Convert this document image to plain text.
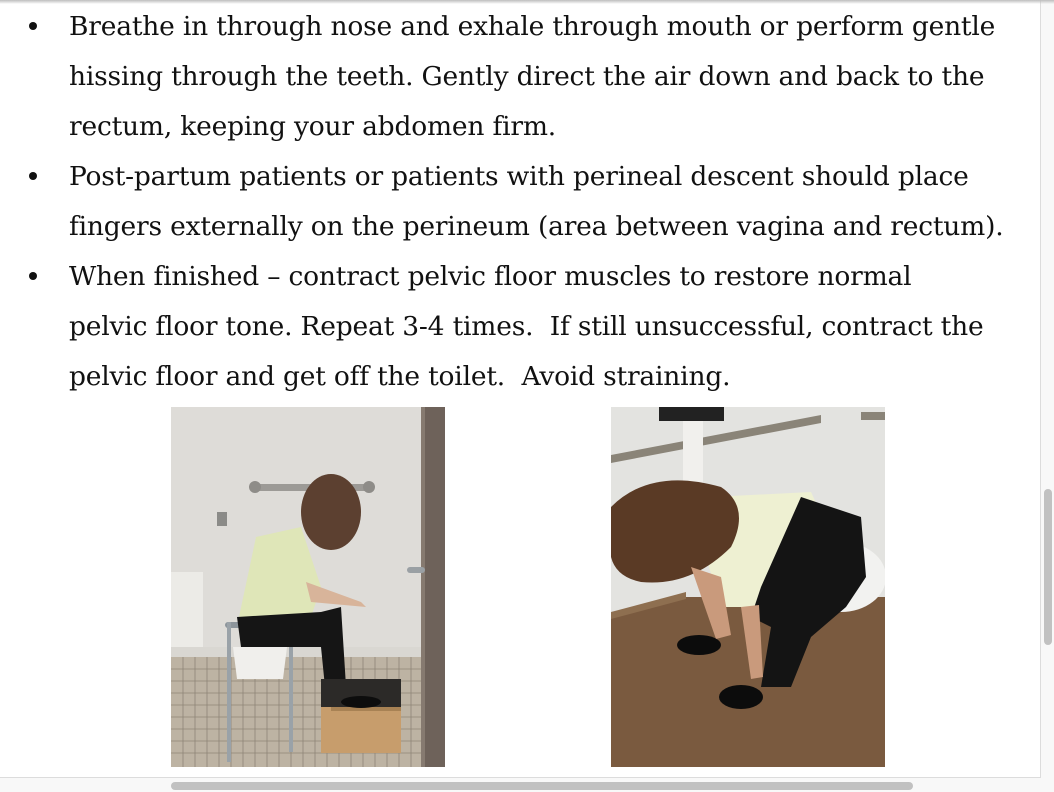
Breathe in through nose and exhale through mouth or perform gentle
hissing through the teeth. Gently direct the air down and back to the
rectum, keeping your abdomen firm.
Post-partum patients or patients with perineal descent should place
fingers externally on the perineum (area between vagina and rectum).
When finished – contract pelvic floor muscles to restore normal
pelvic floor tone. Repeat 3-4 times.  If still unsuccessful, contract the
pelvic floor and get off the toilet.  Avoid straining.
